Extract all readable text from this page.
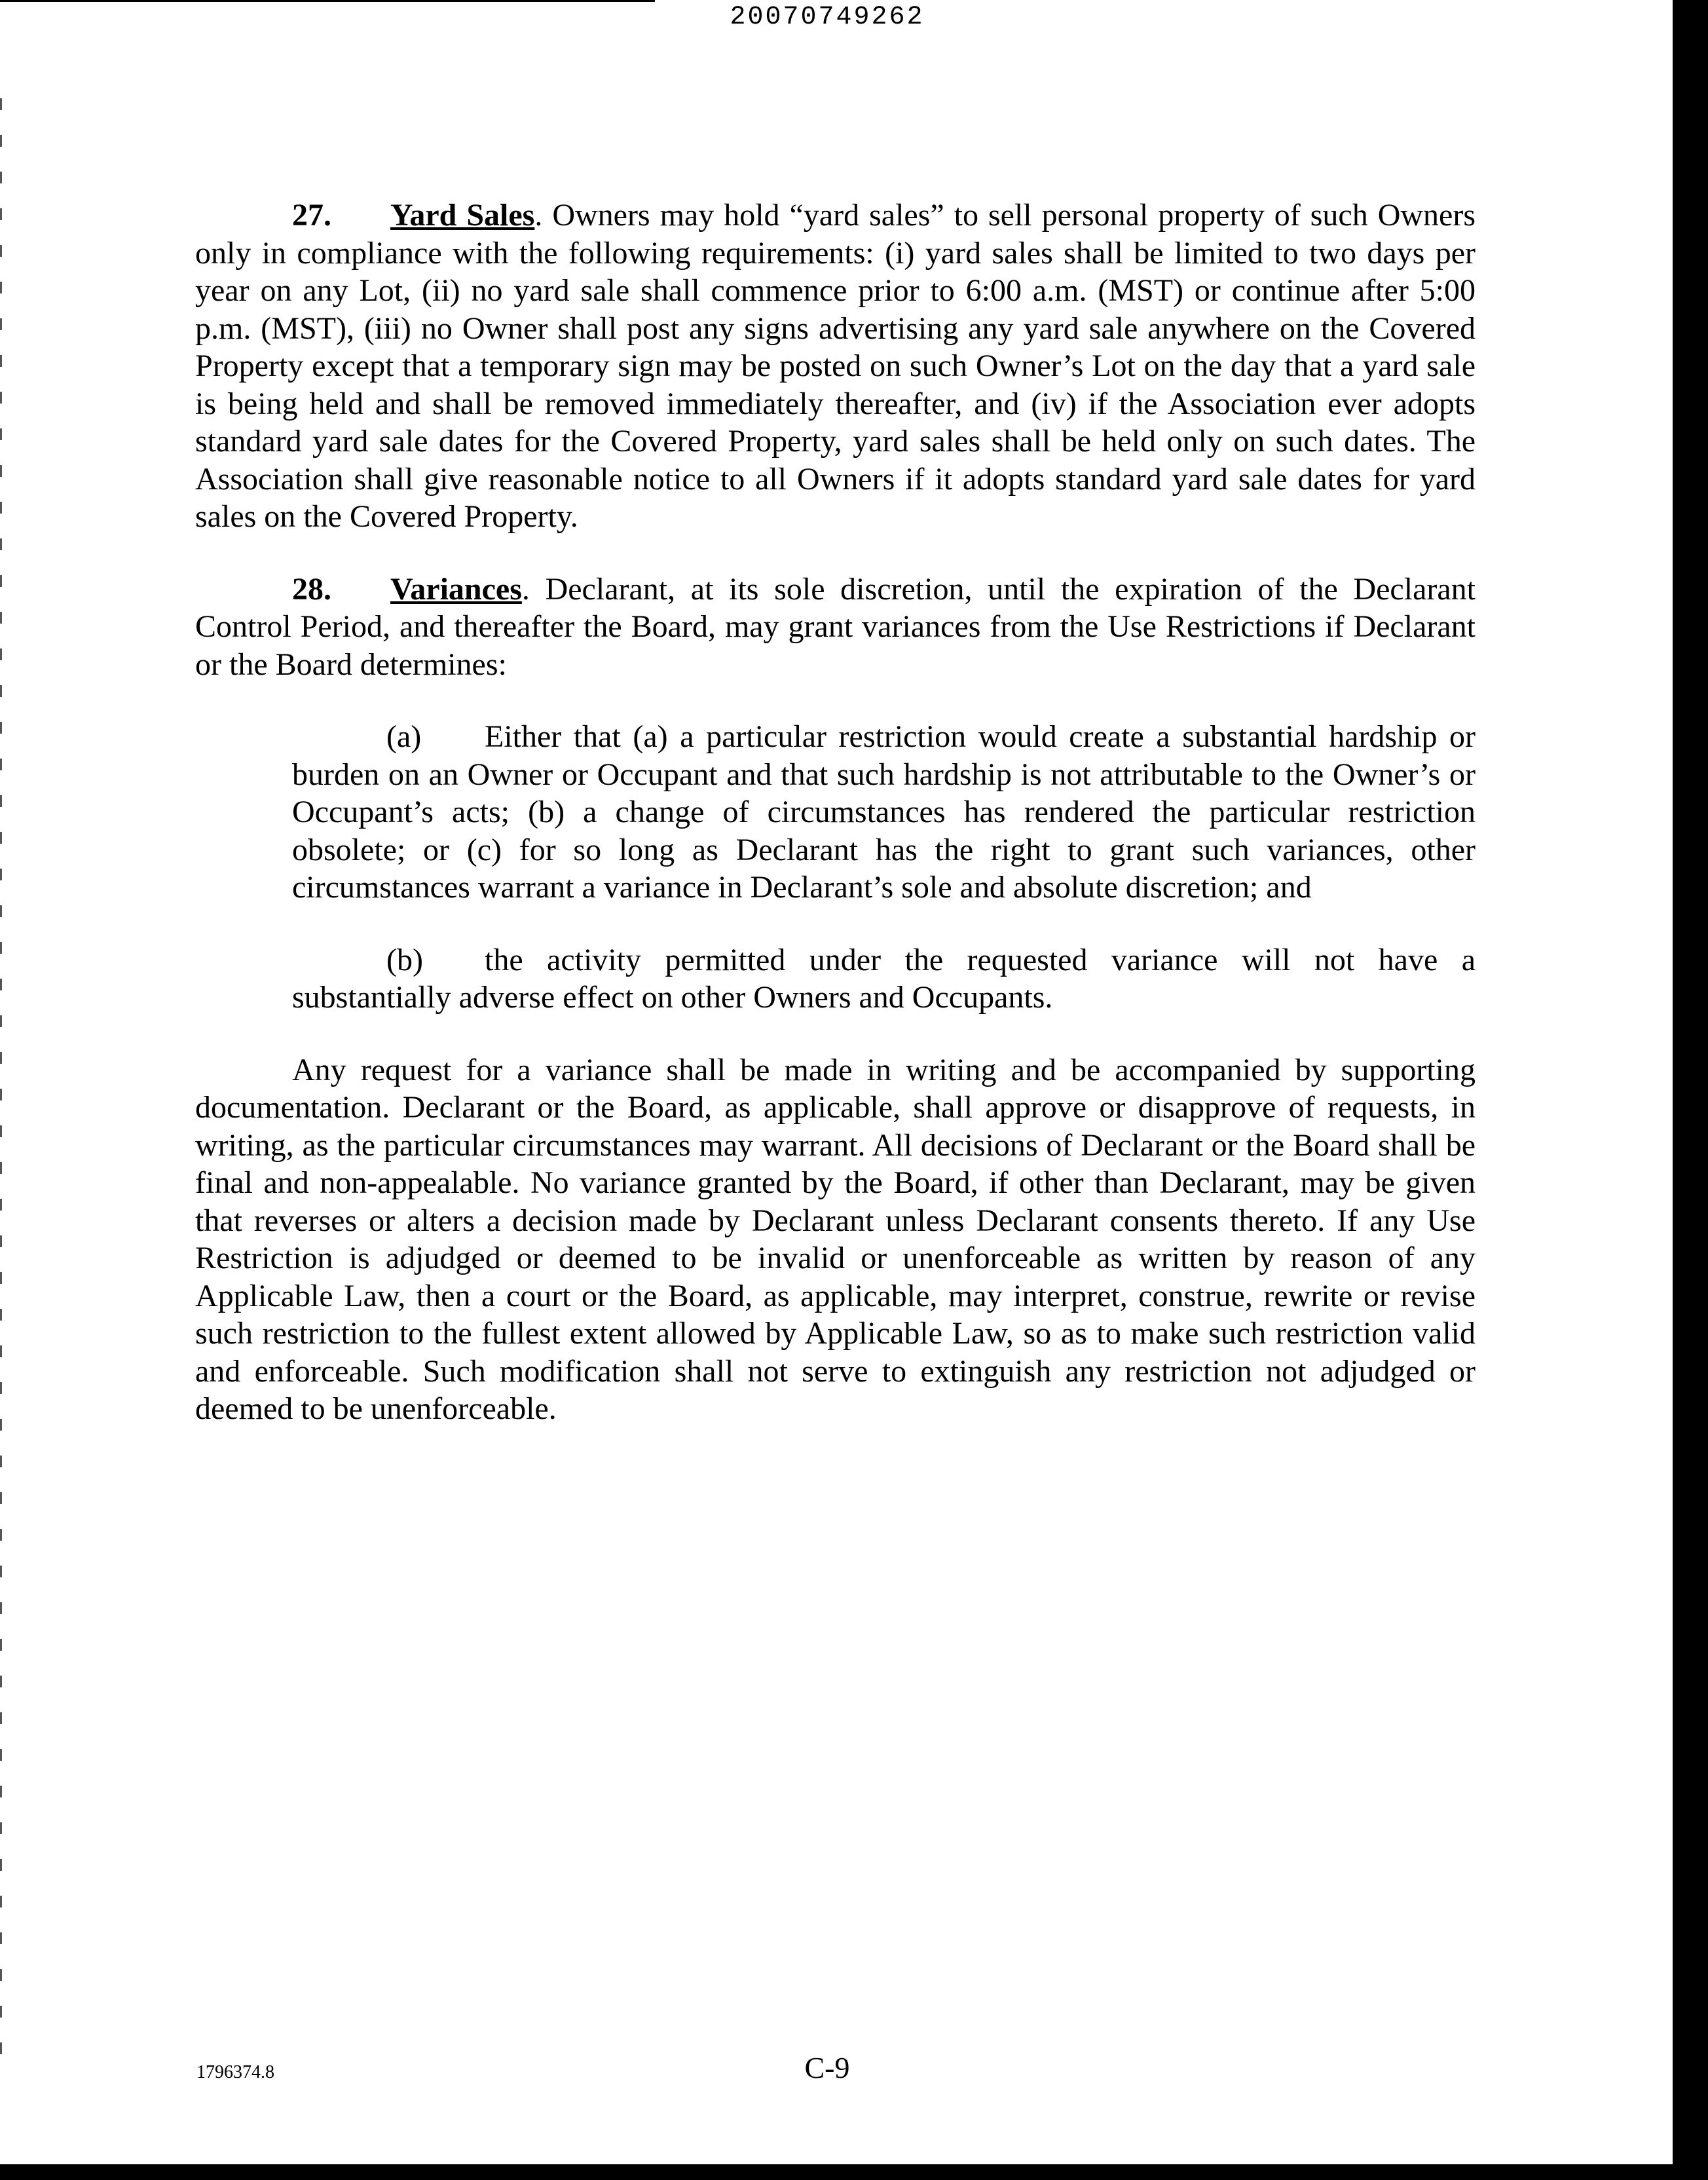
20070749262

27. Yard Sales. Owners may hold “yard sales” to sell personal property of such Owners only in compliance with the following requirements: (i) yard sales shall be limited to two days per year on any Lot, (ii) no yard sale shall commence prior to 6:00 a.m. (MST) or continue after 5:00 p.m. (MST), (iii) no Owner shall post any signs advertising any yard sale anywhere on the Covered Property except that a temporary sign may be posted on such Owner’s Lot on the day that a yard sale is being held and shall be removed immediately thereafter, and (iv) if the Association ever adopts standard yard sale dates for the Covered Property, yard sales shall be held only on such dates. The Association shall give reasonable notice to all Owners if it adopts standard yard sale dates for yard sales on the Covered Property.

28. Variances. Declarant, at its sole discretion, until the expiration of the Declarant Control Period, and thereafter the Board, may grant variances from the Use Restrictions if Declarant or the Board determines:

(a) Either that (a) a particular restriction would create a substantial hardship or burden on an Owner or Occupant and that such hardship is not attributable to the Owner’s or Occupant’s acts; (b) a change of circumstances has rendered the particular restriction obsolete; or (c) for so long as Declarant has the right to grant such variances, other circumstances warrant a variance in Declarant’s sole and absolute discretion; and

(b) the activity permitted under the requested variance will not have a substantially adverse effect on other Owners and Occupants.

Any request for a variance shall be made in writing and be accompanied by supporting documentation. Declarant or the Board, as applicable, shall approve or disapprove of requests, in writing, as the particular circumstances may warrant. All decisions of Declarant or the Board shall be final and non-appealable. No variance granted by the Board, if other than Declarant, may be given that reverses or alters a decision made by Declarant unless Declarant consents thereto. If any Use Restriction is adjudged or deemed to be invalid or unenforceable as written by reason of any Applicable Law, then a court or the Board, as applicable, may interpret, construe, rewrite or revise such restriction to the fullest extent allowed by Applicable Law, so as to make such restriction valid and enforceable. Such modification shall not serve to extinguish any restriction not adjudged or deemed to be unenforceable.

1796374.8	C-9
